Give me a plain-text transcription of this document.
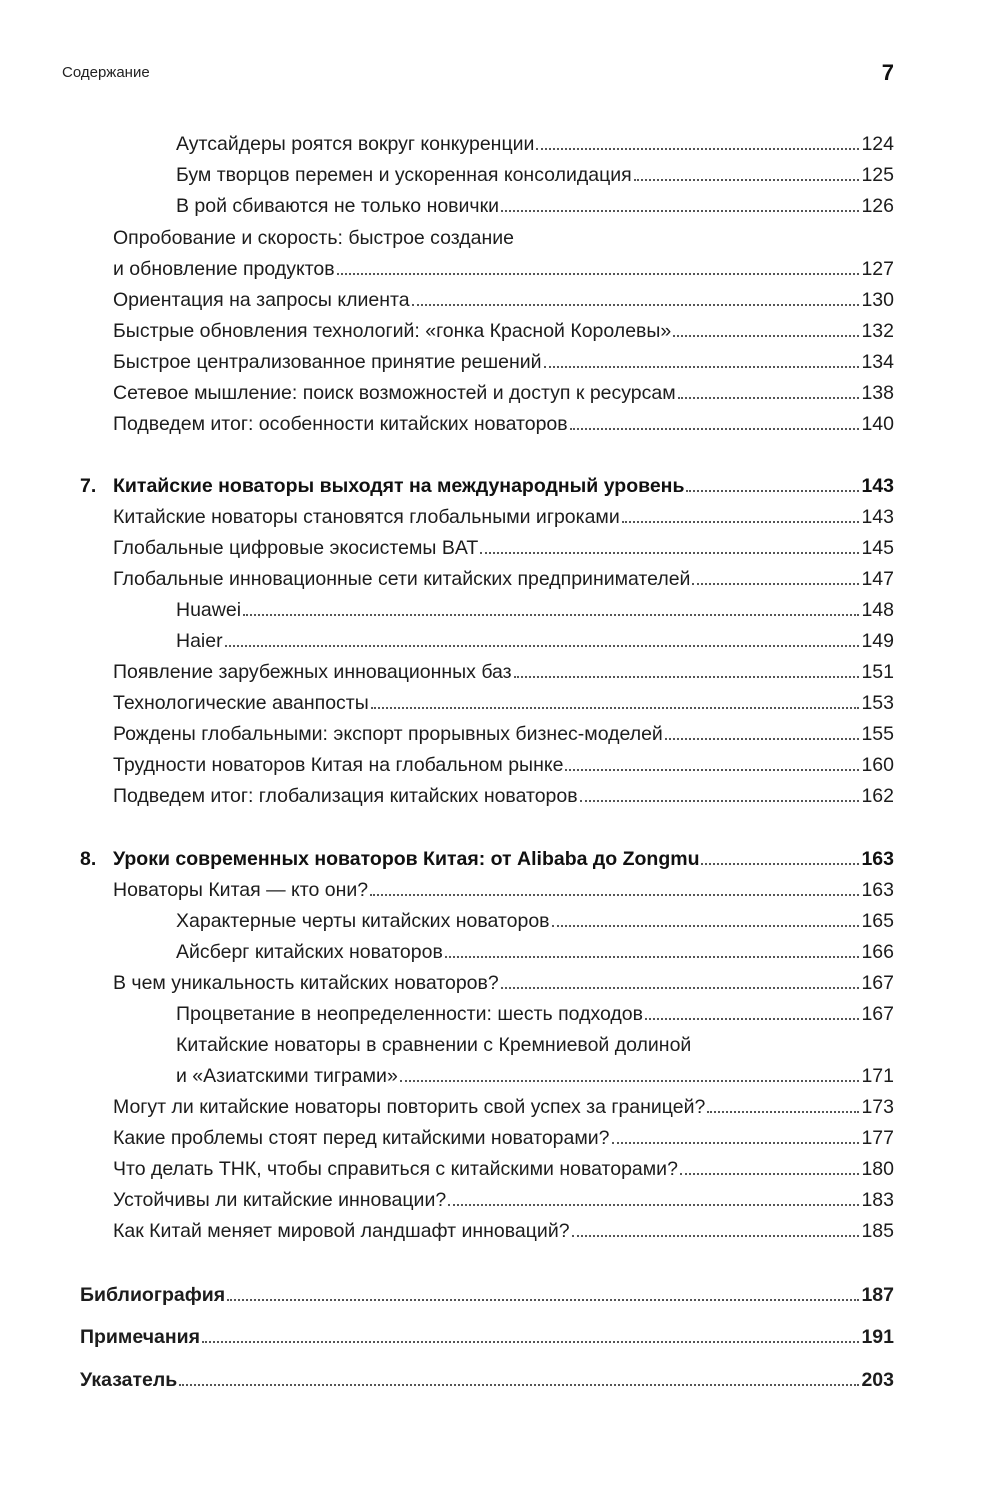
Содержание	7
Аутсайдеры роятся вокруг конкуренции	124
Бум творцов перемен и ускоренная консолидация	125
В рой сбиваются не только новички	126
Опробование и скорость: быстрое создание
и обновление продуктов	127
Ориентация на запросы клиента	130
Быстрые обновления технологий: «гонка Красной Королевы»	132
Быстрое централизованное принятие решений	134
Сетевое мышление: поиск возможностей и доступ к ресурсам	138
Подведем итог: особенности китайских новаторов	140
7. Китайские новаторы выходят на международный уровень	143
Китайские новаторы становятся глобальными игроками	143
Глобальные цифровые экосистемы BAT	145
Глобальные инновационные сети китайских предпринимателей	147
Huawei	148
Haier	149
Появление зарубежных инновационных баз	151
Технологические аванпосты	153
Рождены глобальными: экспорт прорывных бизнес-моделей	155
Трудности новаторов Китая на глобальном рынке	160
Подведем итог: глобализация китайских новаторов	162
8. Уроки современных новаторов Китая: от Alibaba до Zongmu	163
Новаторы Китая — кто они?	163
Характерные черты китайских новаторов	165
Айсберг китайских новаторов	166
В чем уникальность китайских новаторов?	167
Процветание в неопределенности: шесть подходов	167
Китайские новаторы в сравнении с Кремниевой долиной
и «Азиатскими тиграми»	171
Могут ли китайские новаторы повторить свой успех за границей?	173
Какие проблемы стоят перед китайскими новаторами?	177
Что делать ТНК, чтобы справиться с китайскими новаторами?	180
Устойчивы ли китайские инновации?	183
Как Китай меняет мировой ландшафт инноваций?	185
Библиография	187
Примечания	191
Указатель	203
